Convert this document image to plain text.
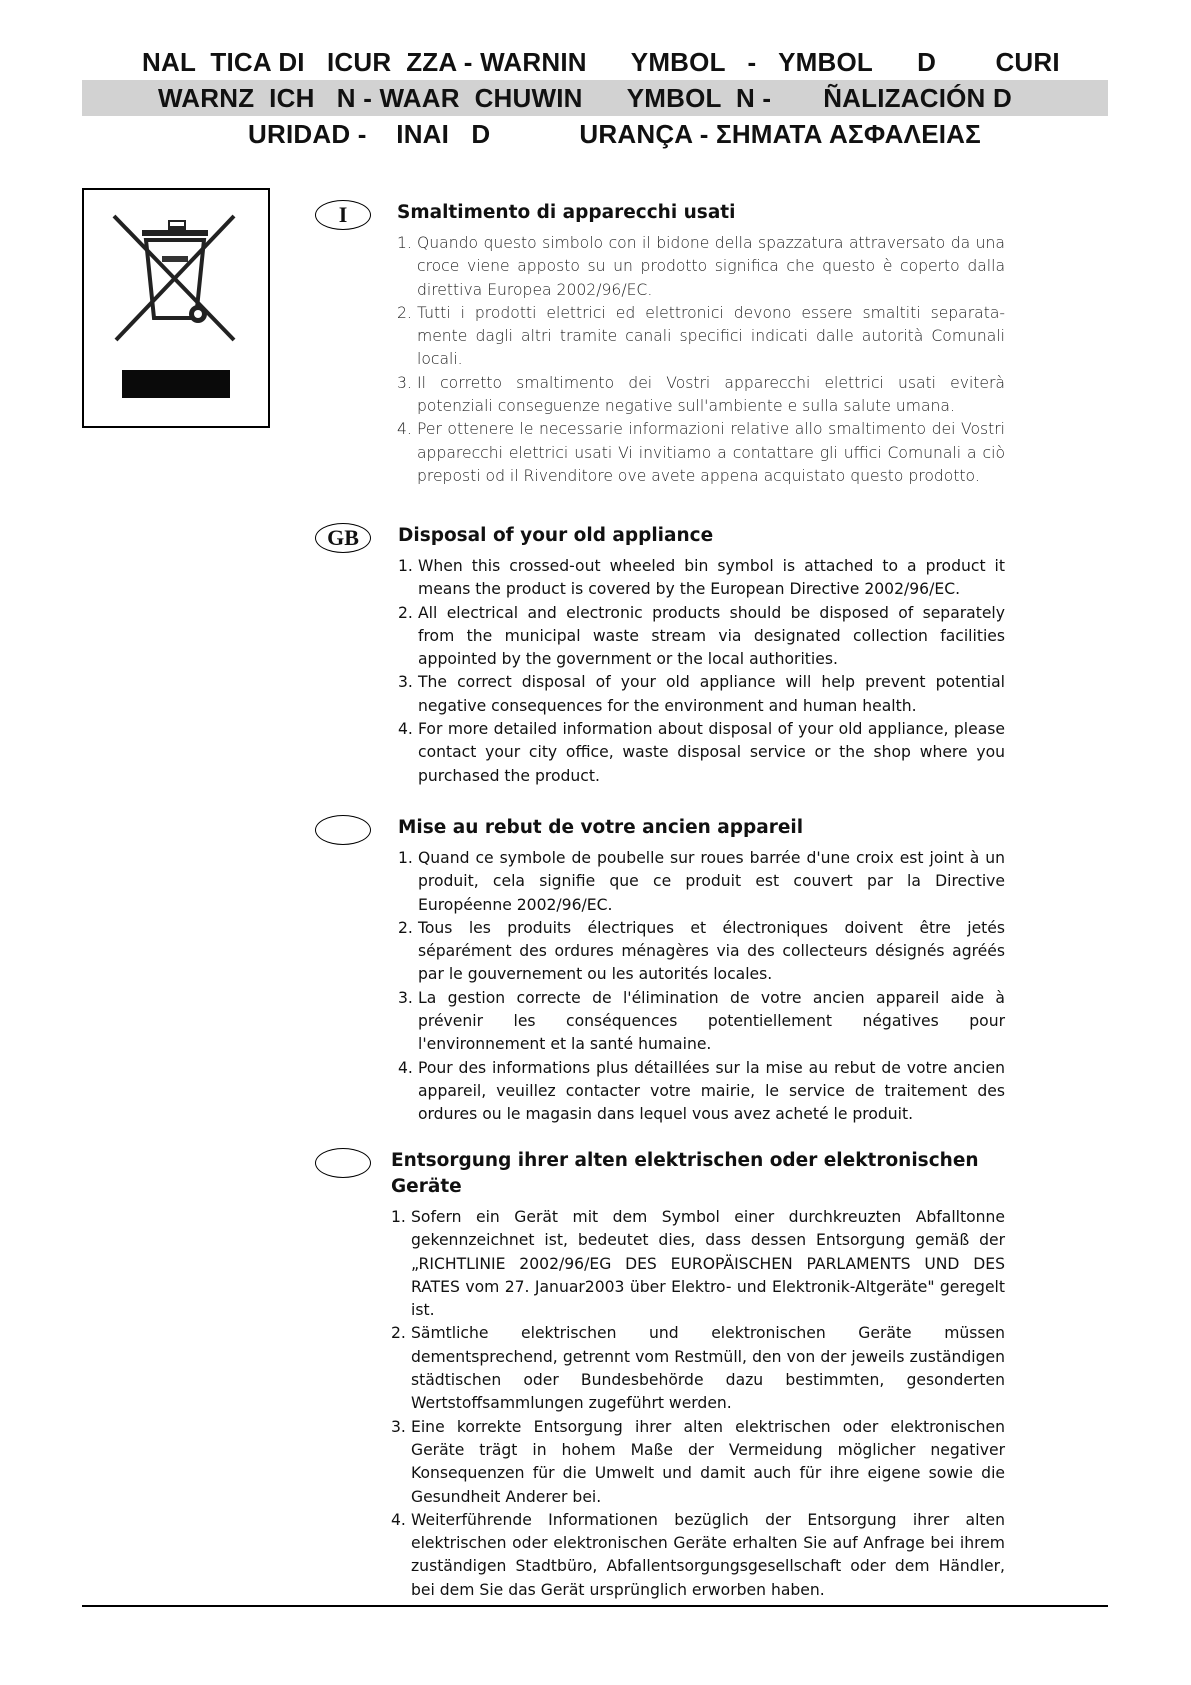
NAL  TICA DI   ICUR  ZZA - WARNIN      YMBOL   -   YMBOL      D        CURI
WARNZ  ICH   N - WAAR  CHUWIN      YMBOL  N -       ÑALIZACIÓN D
URIDAD -    INAI   D            URANÇA - ΣΗΜΑΤΑ ΑΣΦΑΛΕΙΑΣ
I	Smaltimento di apparecchi usati
1. Quando questo simbolo con il bidone della spazzatura attraversato da una croce viene apposto su un prodotto significa che questo è coperto dalla direttiva Europea 2002/96/EC.
2. Tutti i prodotti elettrici ed elettronici devono essere smaltiti separata-mente dagli altri tramite canali specifici indicati dalle autorità Comunali locali.
3. Il corretto smaltimento dei Vostri apparecchi elettrici usati eviterà potenziali conseguenze negative sull'ambiente e sulla salute umana.
4. Per ottenere le necessarie informazioni relative allo smaltimento dei Vostri apparecchi elettrici usati Vi invitiamo a contattare gli uffici Comunali a ciò preposti od il Rivenditore ove avete appena acquistato questo prodotto.
GB	Disposal of your old appliance
1. When this crossed-out wheeled bin symbol is attached to a product it means the product is covered by the European Directive 2002/96/EC.
2. All electrical and electronic products should be disposed of separately from the municipal waste stream via designated collection facilities appointed by the government or the local authorities.
3. The correct disposal of your old appliance will help prevent potential negative consequences for the environment and human health.
4. For more detailed information about disposal of your old appliance, please contact your city office, waste disposal service or the shop where you purchased the product.
Mise au rebut de votre ancien appareil
1. Quand ce symbole de poubelle sur roues barrée d'une croix est joint à un produit, cela signifie que ce produit est couvert par la Directive Européenne 2002/96/EC.
2. Tous les produits électriques et électroniques doivent être jetés séparément des ordures ménagères via des collecteurs désignés agréés par le gouvernement ou les autorités locales.
3. La gestion correcte de l'élimination de votre ancien appareil aide à prévenir les conséquences potentiellement négatives pour l'environnement et la santé humaine.
4. Pour des informations plus détaillées sur la mise au rebut de votre ancien appareil, veuillez contacter votre mairie, le service de traitement des ordures ou le magasin dans lequel vous avez acheté le produit.
Entsorgung ihrer alten elektrischen oder elektronischen Geräte
1. Sofern ein Gerät mit dem Symbol einer durchkreuzten Abfalltonne gekennzeichnet ist, bedeutet dies, dass dessen Entsorgung gemäß der „RICHTLINIE 2002/96/EG DES EUROPÄISCHEN PARLAMENTS UND DES RATES vom 27. Januar2003 über Elektro- und Elektronik-Altgeräte" geregelt ist.
2. Sämtliche elektrischen und elektronischen Geräte müssen dementsprechend, getrennt vom Restmüll, den von der jeweils zuständigen städtischen oder Bundesbehörde dazu bestimmten, gesonderten Wertstoffsammlungen zugeführt werden.
3. Eine korrekte Entsorgung ihrer alten elektrischen oder elektronischen Geräte trägt in hohem Maße der Vermeidung möglicher negativer Konsequenzen für die Umwelt und damit auch für ihre eigene sowie die Gesundheit Anderer bei.
4. Weiterführende Informationen bezüglich der Entsorgung ihrer alten elektrischen oder elektronischen Geräte erhalten Sie auf Anfrage bei ihrem zuständigen Stadtbüro, Abfallentsorgungsgesellschaft oder dem Händler, bei dem Sie das Gerät ursprünglich erworben haben.
